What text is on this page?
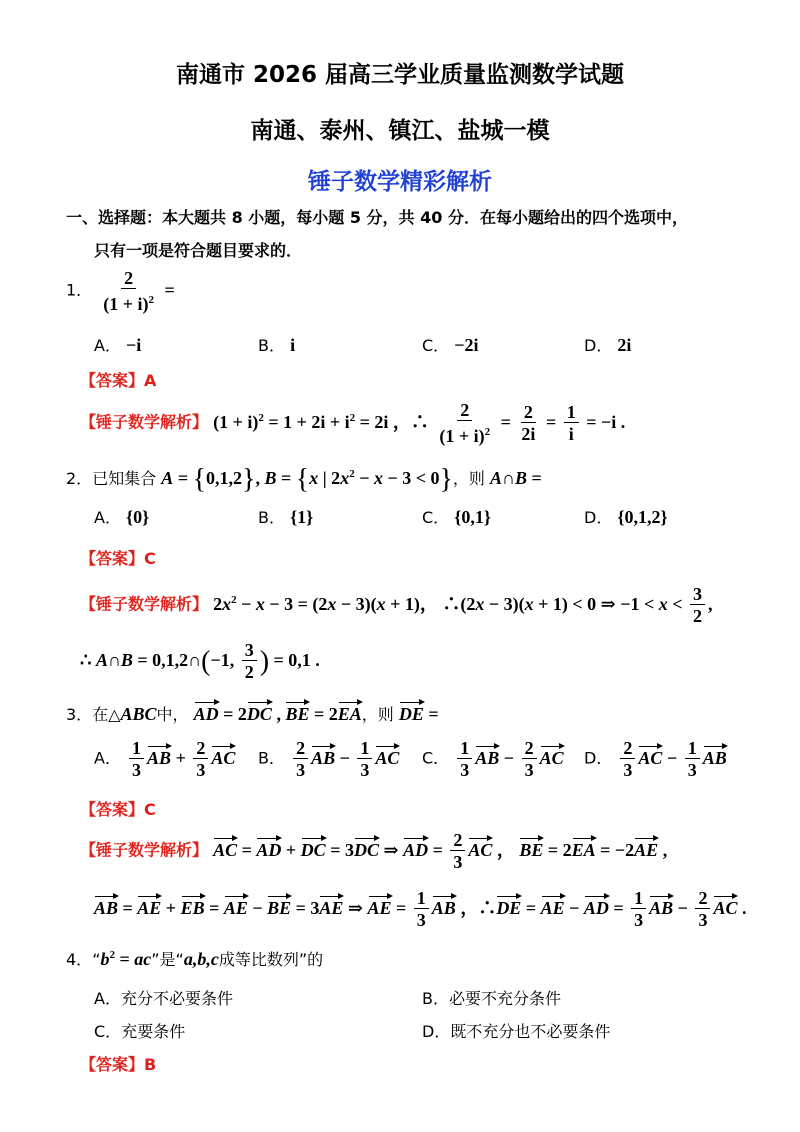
南通市 2026 届高三学业质量监测数学试题
南通、泰州、镇江、盐城一模
锤子数学精彩解析
一、选择题：本大题共 8 小题，每小题 5 分，共 40 分．在每小题给出的四个选项中，
只有一项是符合题目要求的．
1． $\frac{2}{(1 + i)^2}$ =
A． −i	B． i	C． −2i	D． 2i
【答案】A
【锤子数学解析】 $(1 + i)^2 = 1 + 2i + i^2 = 2i$ ，∴ $\frac{2}{(1 + i)^2} = \frac{2}{2i} = \frac{1}{i} = -i$ .
2．已知集合 A = {0,1,2}, B = {x | $2x^2 - x - 3 < 0$}，则 A∩B =
A． {0}	B． {1}	C． {0,1}	D． {0,1,2}
【答案】C
【锤子数学解析】 $2x^2 - x - 3 = (2x - 3)(x + 1)$， ∴(2x − 3)(x + 1) < 0 ⇒ $-1 < x < \frac{3}{2}$ ,
∴ A∩B = 0,1,2∩(−1, $\frac{3}{2}$ ) = 0,1 .
3．在△ABC中， AD = 2DC , BE = 2EA，则 DE =
A． $\frac{1}{3}$ AB + $\frac{2}{3}$ AC B． $\frac{2}{3}$ AB − $\frac{1}{3}$ AC C． $\frac{1}{3}$ AB − $\frac{2}{3}$ AC D． $\frac{2}{3}$ AC − $\frac{1}{3}$ AB
【答案】C
【锤子数学解析】 AC = AD + DC = 3DC ⇒ AD = $\frac{2}{3}$ AC ， BE = 2EA = −2AE ,
AB = AE + EB = AE − BE = 3AE ⇒ AE = $\frac{1}{3}$ AB ，∴DE = AE − AD = $\frac{1}{3}$ AB − $\frac{2}{3}$ AC .
4．“$b^2$ = ac”是“a,b,c成等比数列”的
A．充分不必要条件	B．必要不充分条件
C．充要条件	D．既不充分也不必要条件
【答案】B
